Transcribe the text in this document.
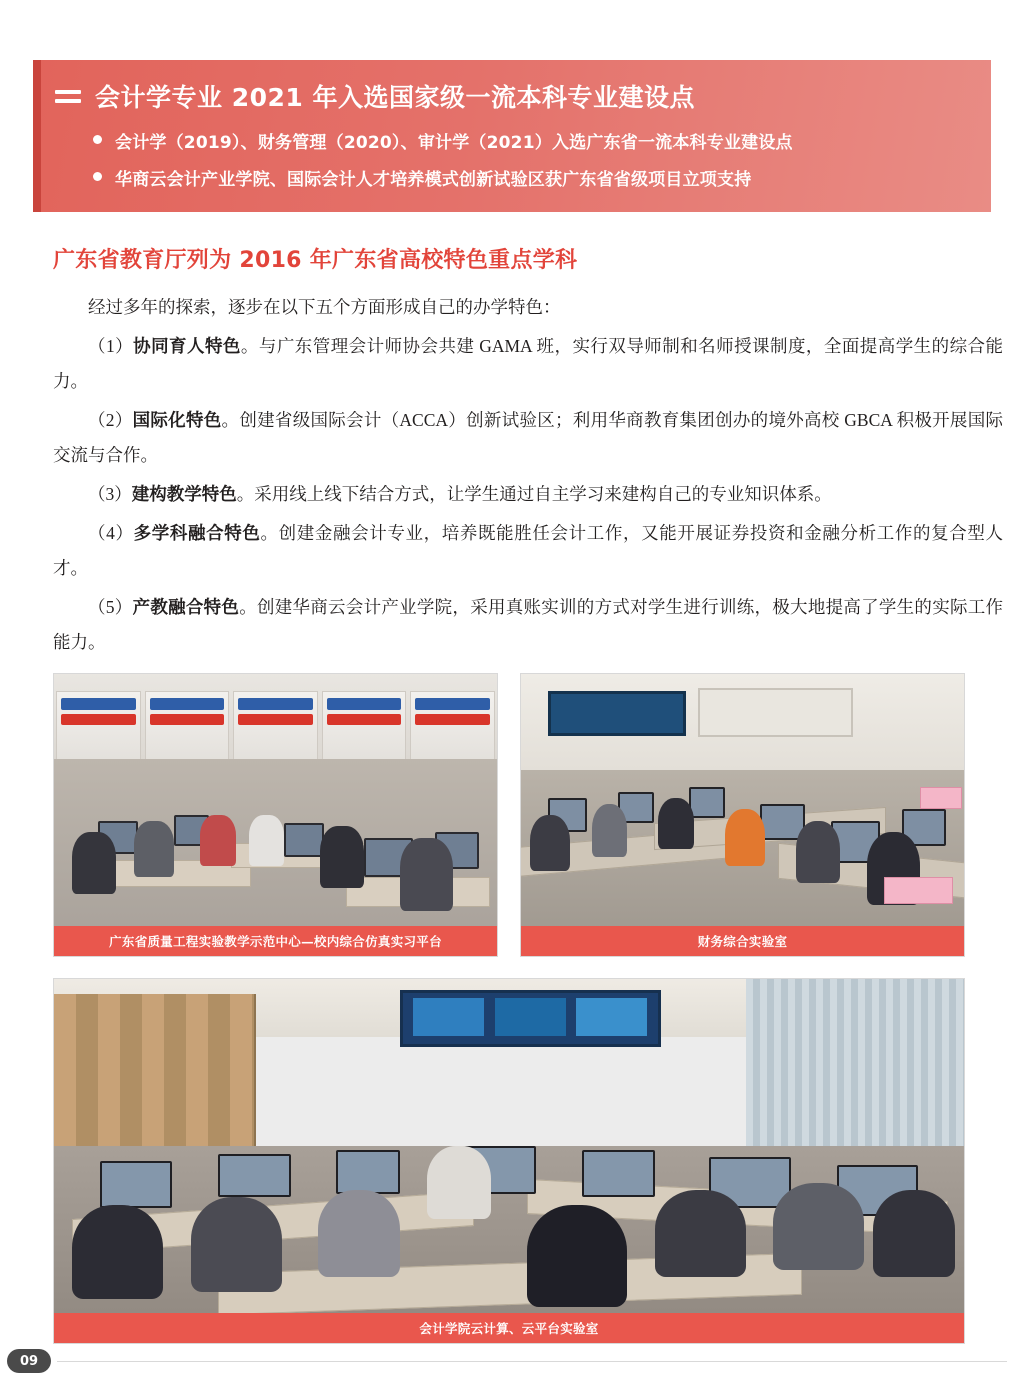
会计学专业 2021 年入选国家级一流本科专业建设点
会计学（2019）、财务管理（2020）、审计学（2021）入选广东省一流本科专业建设点
华商云会计产业学院、国际会计人才培养模式创新试验区获广东省省级项目立项支持
广东省教育厅列为 2016 年广东省高校特色重点学科

经过多年的探索，逐步在以下五个方面形成自己的办学特色：

（1）协同育人特色。与广东管理会计师协会共建 GAMA 班，实行双导师制和名师授课制度，全面提高学生的综合能力。

（2）国际化特色。创建省级国际会计（ACCA）创新试验区；利用华商教育集团创办的境外高校 GBCA 积极开展国际交流与合作。

（3）建构教学特色。采用线上线下结合方式，让学生通过自主学习来建构自己的专业知识体系。

（4）多学科融合特色。创建金融会计专业，培养既能胜任会计工作，又能开展证券投资和金融分析工作的复合型人才。

（5）产教融合特色。创建华商云会计产业学院，采用真账实训的方式对学生进行训练，极大地提高了学生的实际工作能力。

广东省质量工程实验教学示范中心—校内综合仿真实习平台	财务综合实验室
会计学院云计算、云平台实验室
09
